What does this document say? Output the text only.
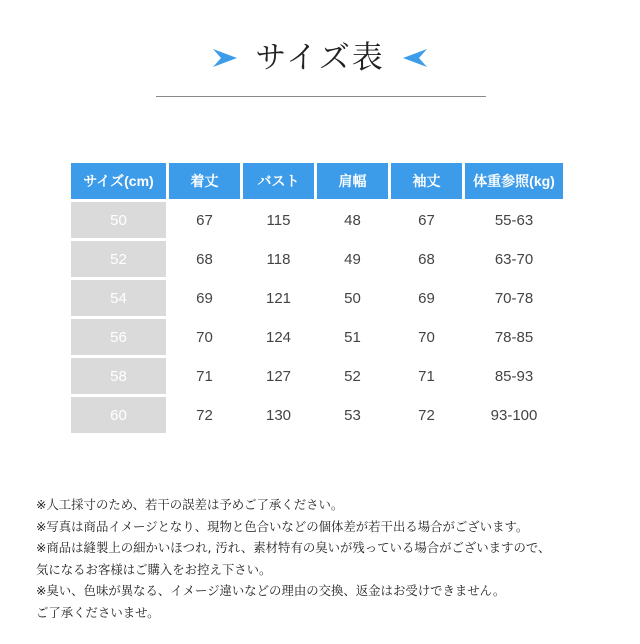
サイズ表
サイズ(cm)	着丈	バスト	肩幅	袖丈	体重参照(kg)
50	67	115	48	67	55-63
52	68	118	49	68	63-70
54	69	121	50	69	70-78
56	70	124	51	70	78-85
58	71	127	52	71	85-93
60	72	130	53	72	93-100
※人工採寸のため、若干の誤差は予めご了承ください。
※写真は商品イメージとなり、現物と色合いなどの個体差が若干出る場合がございます。
※商品は縫製上の細かいほつれ, 汚れ、素材特有の臭いが残っている場合がございますので、
気になるお客様はご購入をお控え下さい。
※臭い、色味が異なる、イメージ違いなどの理由の交換、返金はお受けできません。
ご了承くださいませ。
